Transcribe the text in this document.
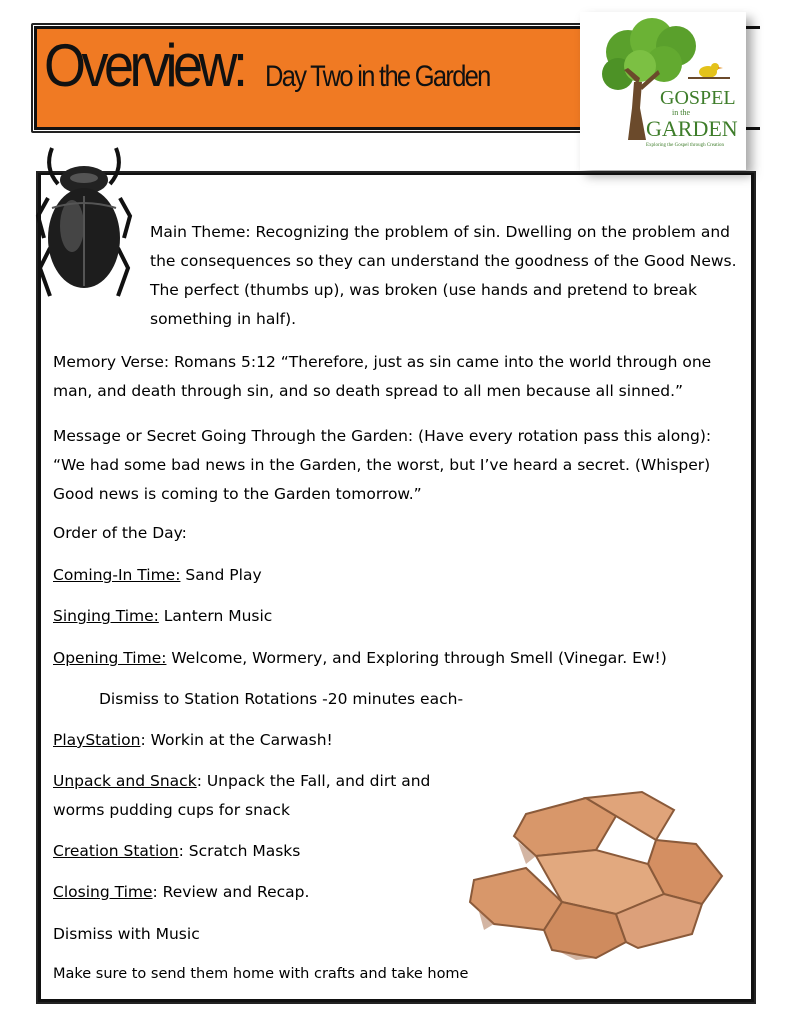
Overview: Day Two in the Garden
GOSPEL
in the
GARDEN
Exploring the Gospel through Creation

Main Theme: Recognizing the problem of sin. Dwelling on the problem and the consequences so they can understand the goodness of the Good News. The perfect (thumbs up), was broken (use hands and pretend to break something in half).

Memory Verse: Romans 5:12 “Therefore, just as sin came into the world through one man, and death through sin, and so death spread to all men because all sinned.”

Message or Secret Going Through the Garden: (Have every rotation pass this along): “We had some bad news in the Garden, the worst, but I’ve heard a secret. (Whisper) Good news is coming to the Garden tomorrow.”

Order of the Day:

Coming-In Time: Sand Play

Singing Time: Lantern Music

Opening Time: Welcome, Wormery, and Exploring through Smell (Vinegar. Ew!)

Dismiss to Station Rotations -20 minutes each-

PlayStation: Workin at the Carwash!

Unpack and Snack: Unpack the Fall, and dirt and

worms pudding cups for snack

Creation Station: Scratch Masks

Closing Time: Review and Recap.

Dismiss with Music

Make sure to send them home with crafts and take home
